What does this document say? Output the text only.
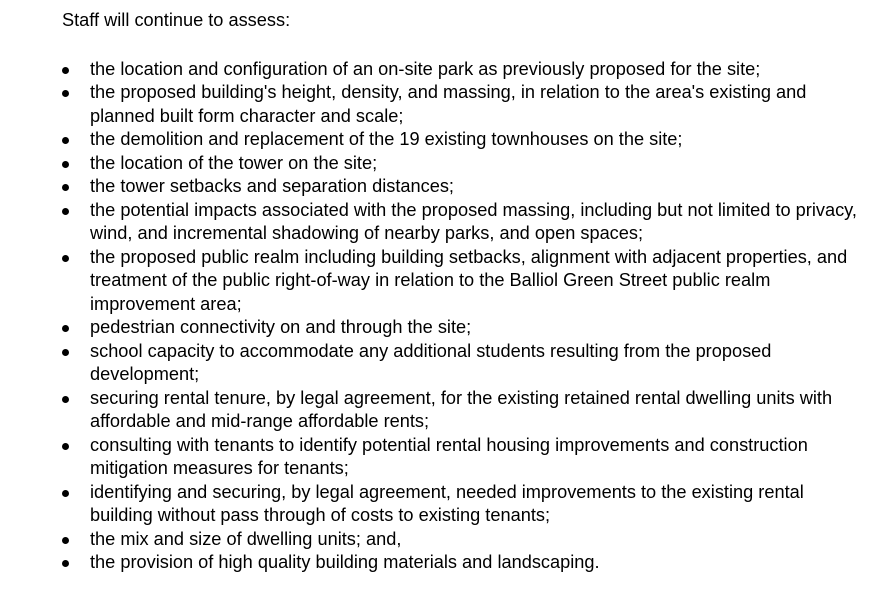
Staff will continue to assess:

the location and configuration of an on-site park as previously proposed for the site;
the proposed building's height, density, and massing, in relation to the area's existing and planned built form character and scale;
the demolition and replacement of the 19 existing townhouses on the site;
the location of the tower on the site;
the tower setbacks and separation distances;
the potential impacts associated with the proposed massing, including but not limited to privacy, wind, and incremental shadowing of nearby parks, and open spaces;
the proposed public realm including building setbacks, alignment with adjacent properties, and treatment of the public right-of-way in relation to the Balliol Green Street public realm improvement area;
pedestrian connectivity on and through the site;
school capacity to accommodate any additional students resulting from the proposed development;
securing rental tenure, by legal agreement, for the existing retained rental dwelling units with affordable and mid-range affordable rents;
consulting with tenants to identify potential rental housing improvements and construction mitigation measures for tenants;
identifying and securing, by legal agreement, needed improvements to the existing rental building without pass through of costs to existing tenants;
the mix and size of dwelling units; and,
the provision of high quality building materials and landscaping.
